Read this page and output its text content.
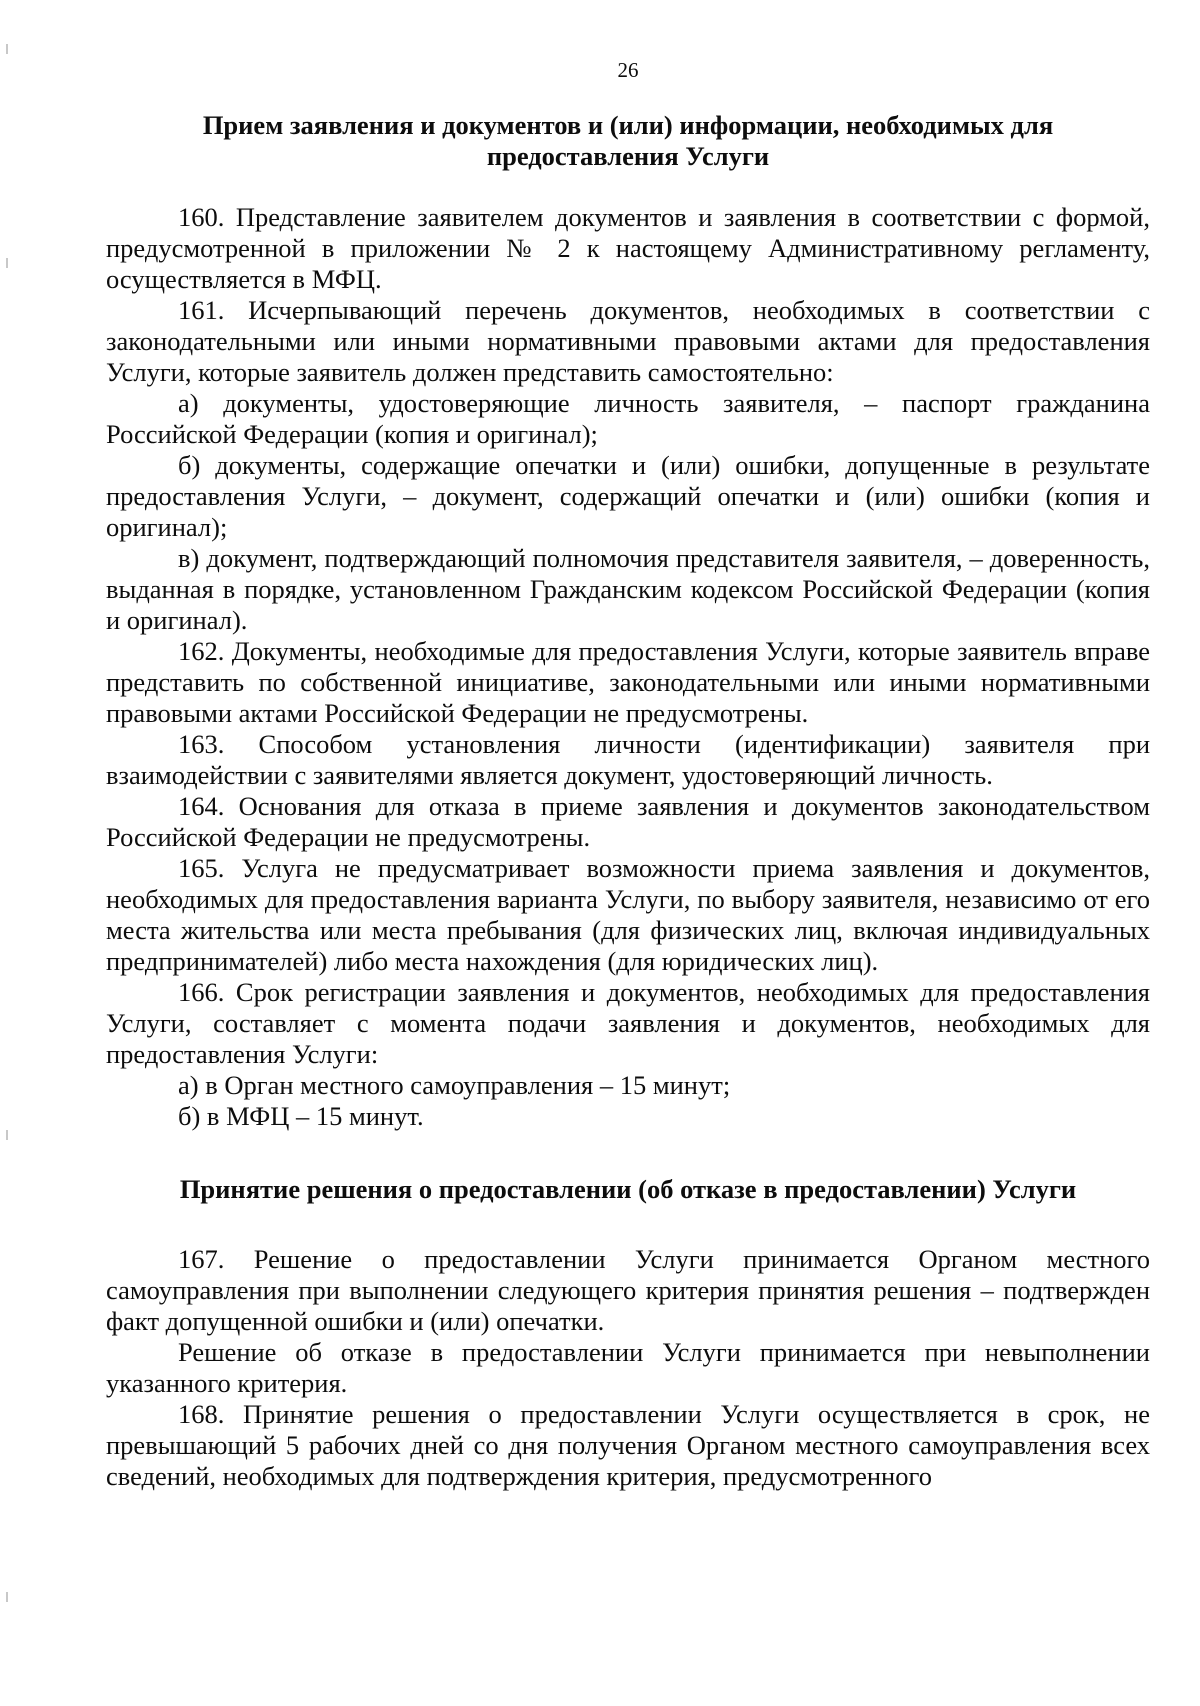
26
Прием заявления и документов и (или) информации, необходимых для
предоставления Услуги

160. Представление заявителем документов и заявления в соответствии с формой, предусмотренной в приложении № 2 к настоящему Административному регламенту, осуществляется в МФЦ.

161. Исчерпывающий перечень документов, необходимых в соответствии с законодательными или иными нормативными правовыми актами для предоставления Услуги, которые заявитель должен представить самостоятельно:

а) документы, удостоверяющие личность заявителя, – паспорт гражданина Российской Федерации (копия и оригинал);

б) документы, содержащие опечатки и (или) ошибки, допущенные в результате предоставления Услуги, – документ, содержащий опечатки и (или) ошибки (копия и оригинал);

в) документ, подтверждающий полномочия представителя заявителя, – доверенность, выданная в порядке, установленном Гражданским кодексом Российской Федерации (копия и оригинал).

162. Документы, необходимые для предоставления Услуги, которые заявитель вправе представить по собственной инициативе, законодательными или иными нормативными правовыми актами Российской Федерации не предусмотрены.

163. Способом установления личности (идентификации) заявителя при взаимодействии с заявителями является документ, удостоверяющий личность.

164. Основания для отказа в приеме заявления и документов законодательством Российской Федерации не предусмотрены.

165. Услуга не предусматривает возможности приема заявления и документов, необходимых для предоставления варианта Услуги, по выбору заявителя, независимо от его места жительства или места пребывания (для физических лиц, включая индивидуальных предпринимателей) либо места нахождения (для юридических лиц).

166. Срок регистрации заявления и документов, необходимых для предоставления Услуги, составляет с момента подачи заявления и документов, необходимых для предоставления Услуги:

а) в Орган местного самоуправления – 15 минут;

б) в МФЦ – 15 минут.

Принятие решения о предоставлении (об отказе в предоставлении) Услуги

167. Решение о предоставлении Услуги принимается Органом местного самоуправления при выполнении следующего критерия принятия решения – подтвержден факт допущенной ошибки и (или) опечатки.

Решение об отказе в предоставлении Услуги принимается при невыполнении указанного критерия.

168. Принятие решения о предоставлении Услуги осуществляется в срок, не превышающий 5 рабочих дней со дня получения Органом местного самоуправления всех сведений, необходимых для подтверждения критерия, предусмотренного
